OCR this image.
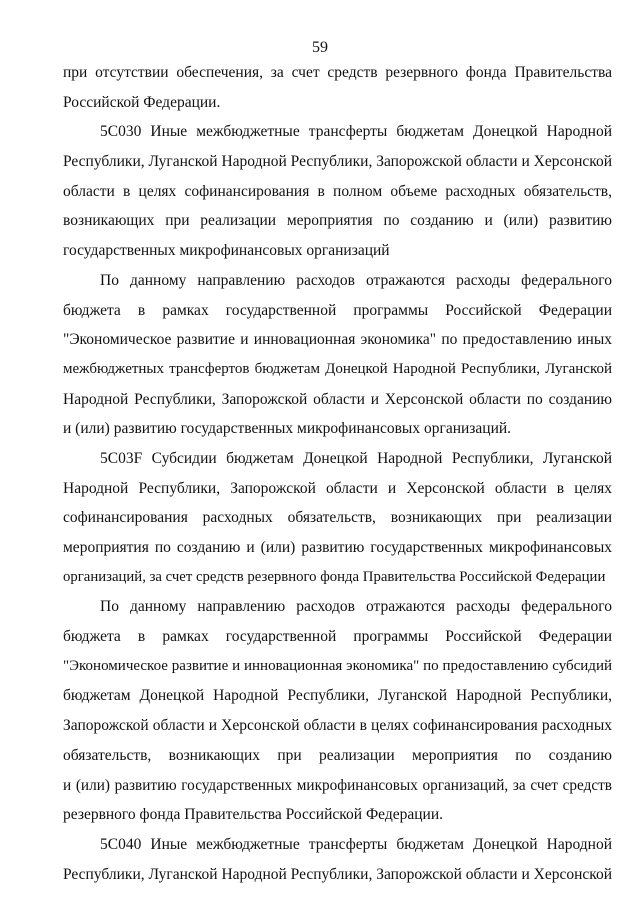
59
при отсутствии обеспечения, за счет средств резервного фонда Правительства
Российской Федерации.
5С030 Иные межбюджетные трансферты бюджетам Донецкой Народной
Республики, Луганской Народной Республики, Запорожской области и Херсонской
области в целях софинансирования в полном объеме расходных обязательств,
возникающих при реализации мероприятия по созданию и (или) развитию
государственных микрофинансовых организаций
По данному направлению расходов отражаются расходы федерального
бюджета в рамках государственной программы Российской Федерации
"Экономическое развитие и инновационная экономика" по предоставлению иных
межбюджетных трансфертов бюджетам Донецкой Народной Республики, Луганской
Народной Республики, Запорожской области и Херсонской области по созданию
и (или) развитию государственных микрофинансовых организаций.
5С03F Субсидии бюджетам Донецкой Народной Республики, Луганской
Народной Республики, Запорожской области и Херсонской области в целях
софинансирования расходных обязательств, возникающих при реализации
мероприятия по созданию и (или) развитию государственных микрофинансовых
организаций, за счет средств резервного фонда Правительства Российской Федерации
По данному направлению расходов отражаются расходы федерального
бюджета в рамках государственной программы Российской Федерации
"Экономическое развитие и инновационная экономика" по предоставлению субсидий
бюджетам Донецкой Народной Республики, Луганской Народной Республики,
Запорожской области и Херсонской области в целях софинансирования расходных
обязательств, возникающих при реализации мероприятия по созданию
и (или) развитию государственных микрофинансовых организаций, за счет средств
резервного фонда Правительства Российской Федерации.
5С040 Иные межбюджетные трансферты бюджетам Донецкой Народной
Республики, Луганской Народной Республики, Запорожской области и Херсонской
